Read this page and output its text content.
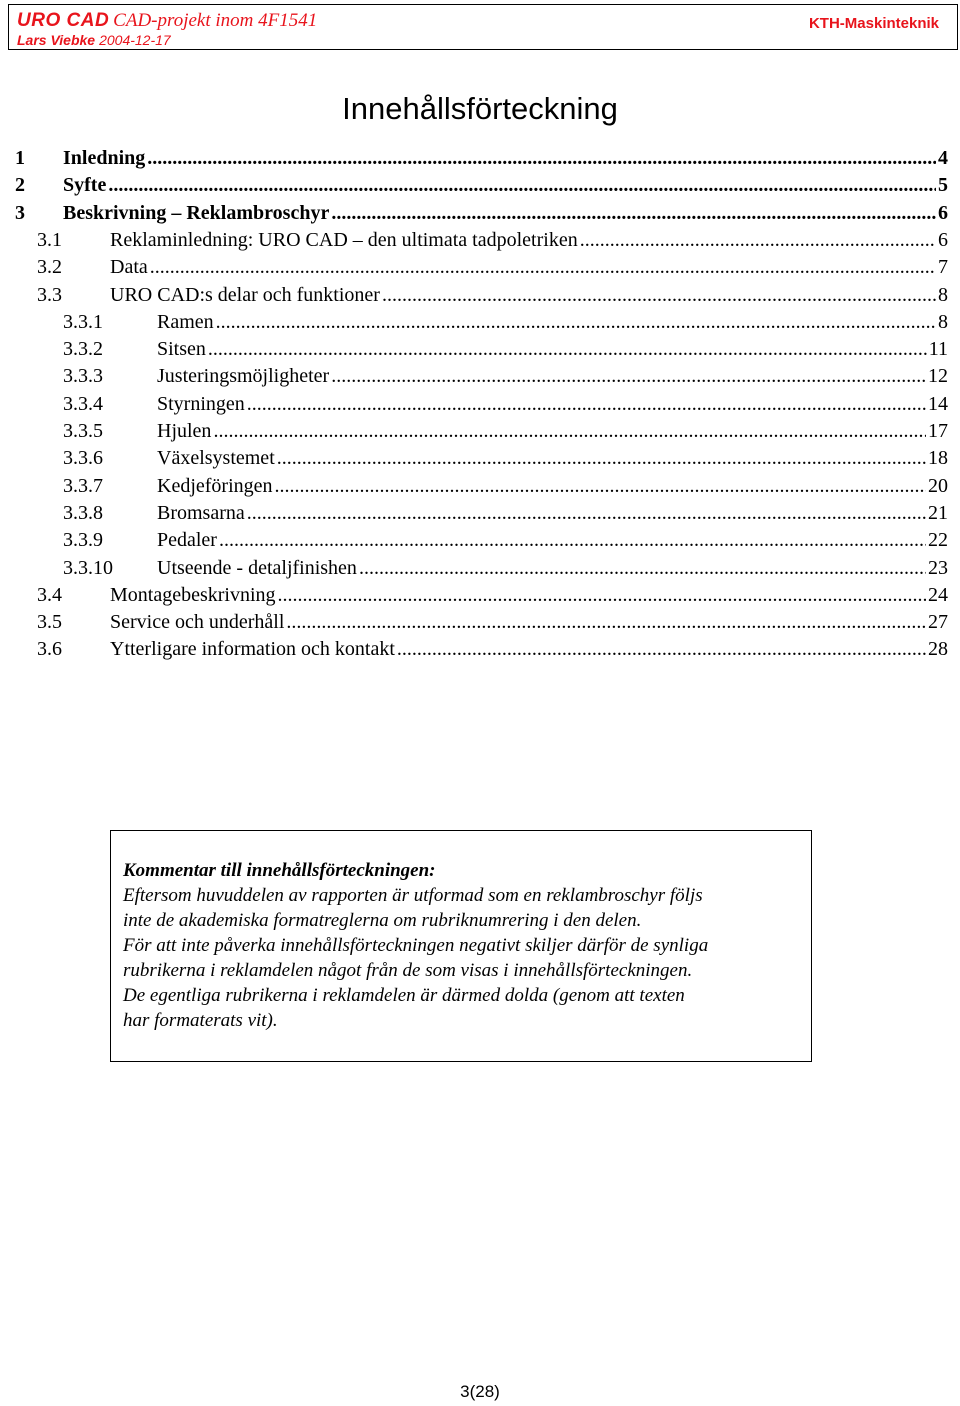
URO CAD CAD-projekt inom 4F1541
Lars Viebke 2004-12-17
KTH-Maskinteknik
Innehållsförteckning
1 Inledning .....	4
2 Syfte .....	5
3 Beskrivning – Reklambroschyr .....	6
3.1 Reklaminledning: URO CAD – den ultimata tadpoletriken .....	6
3.2 Data .....	7
3.3 URO CAD:s delar och funktioner .....	8
3.3.1	Ramen .....	8
3.3.2	Sitsen .....	11
3.3.3	Justeringsmöjligheter .....	12
3.3.4	Styrningen .....	14
3.3.5	Hjulen .....	17
3.3.6	Växelsystemet .....	18
3.3.7	Kedjeföringen .....	20
3.3.8	Bromsarna .....	21
3.3.9	Pedaler .....	22
3.3.10 Utseende - detaljfinishen .....	23
3.4 Montagebeskrivning .....	24
3.5 Service och underhåll .....	27
3.6 Ytterligare information och kontakt .....	28
Kommentar till innehållsförteckningen:
Eftersom huvuddelen av rapporten är utformad som en reklambroschyr följs
inte de akademiska formatreglerna om rubriknumrering i den delen.
För att inte påverka innehållsförteckningen negativt skiljer därför de synliga
rubrikerna i reklamdelen något från de som visas i innehållsförteckningen.
De egentliga rubrikerna i reklamdelen är därmed dolda (genom att texten
har formaterats vit).
3(28)
